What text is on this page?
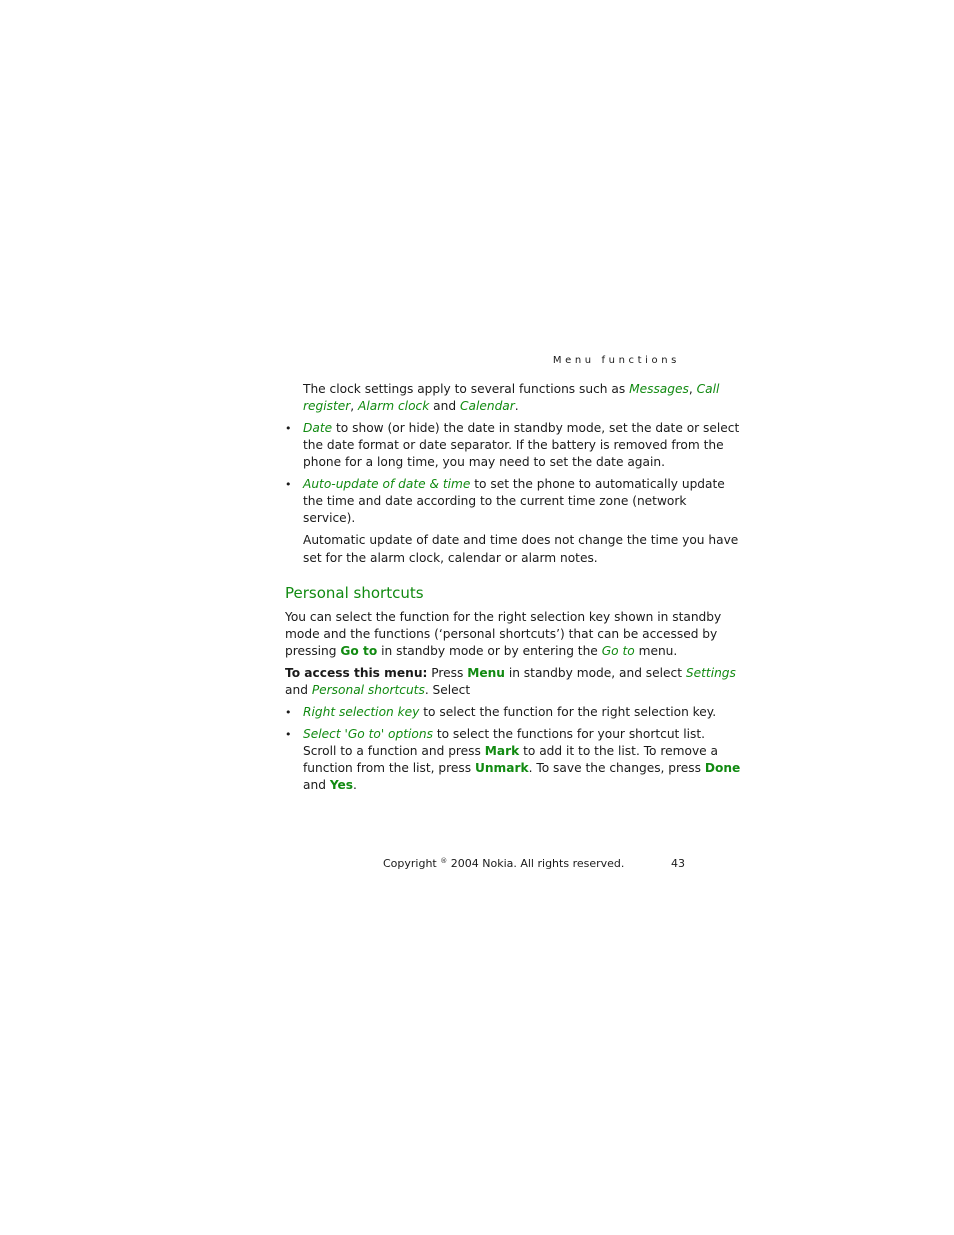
Menu functions
The clock settings apply to several functions such as Messages, Call
register, Alarm clock and Calendar.
• Date to show (or hide) the date in standby mode, set the date or select
the date format or date separator. If the battery is removed from the
phone for a long time, you may need to set the date again.
• Auto-update of date & time to set the phone to automatically update
the time and date according to the current time zone (network
service).
Automatic update of date and time does not change the time you have
set for the alarm clock, calendar or alarm notes.
Personal shortcuts
You can select the function for the right selection key shown in standby
mode and the functions (‘personal shortcuts’) that can be accessed by
pressing Go to in standby mode or by entering the Go to menu.
To access this menu: Press Menu in standby mode, and select Settings
and Personal shortcuts. Select
• Right selection key to select the function for the right selection key.
• Select 'Go to' options to select the functions for your shortcut list.
Scroll to a function and press Mark to add it to the list. To remove a
function from the list, press Unmark. To save the changes, press Done
and Yes.
Copyright ® 2004 Nokia. All rights reserved.	43
